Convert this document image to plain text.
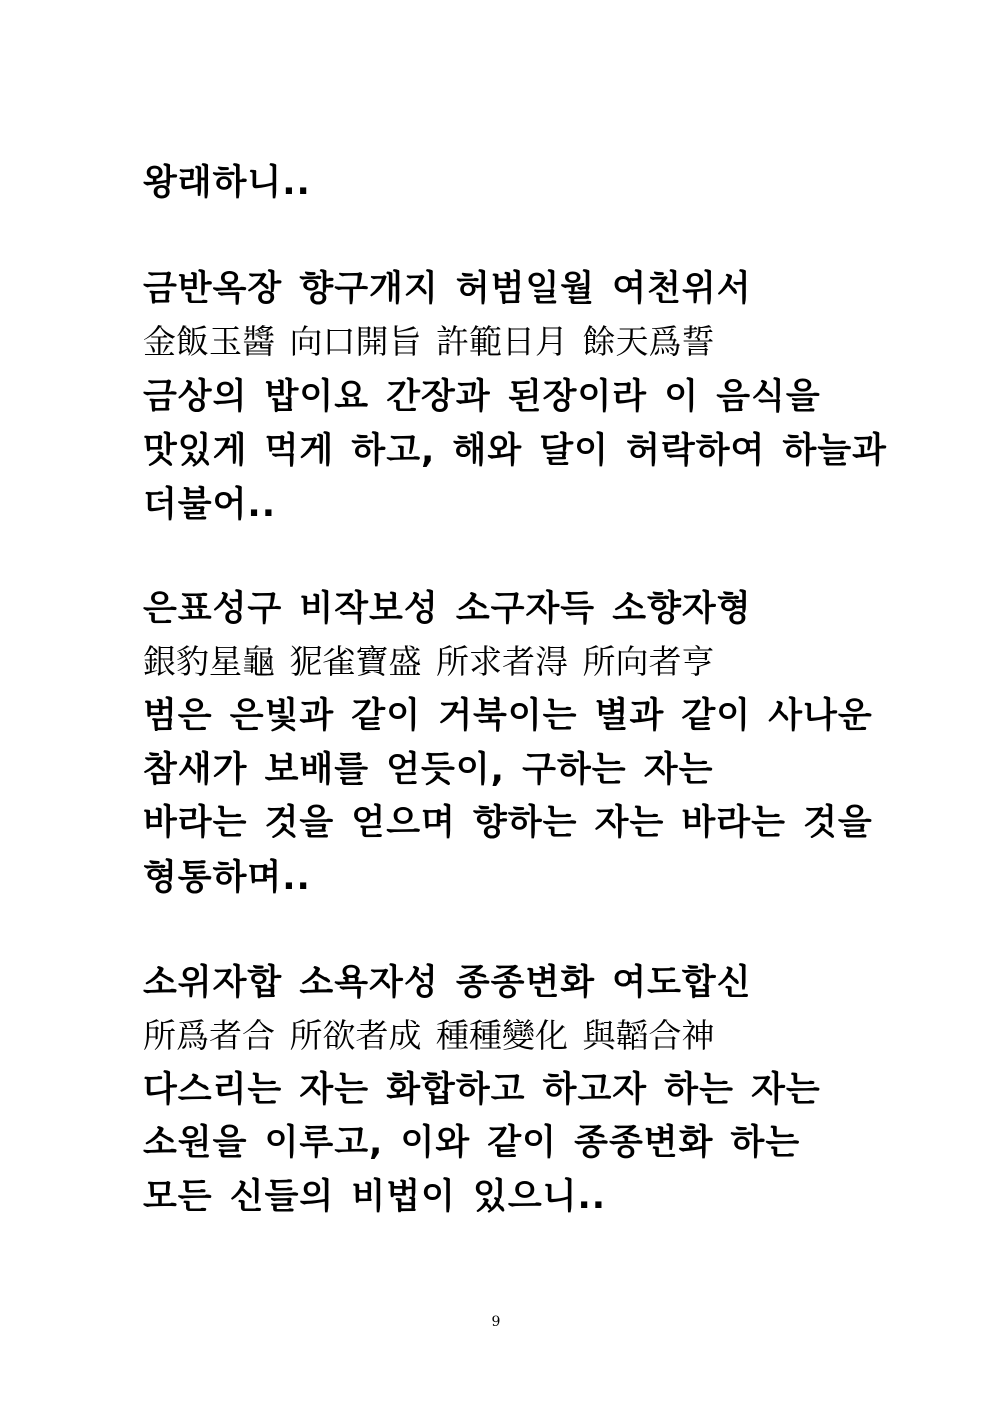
왕래하니..
금반옥장 향구개지 허범일월 여천위서
金飯玉醬 向口開旨 許範日月 餘天爲誓
금상의 밥이요 간장과 된장이라 이 음식을
맛있게 먹게 하고, 해와 달이 허락하여 하늘과
더불어..
은표성구 비작보성 소구자득 소향자형
銀豹星龜 狔雀寶盛 所求者淂 所向者亨
범은 은빛과 같이 거북이는 별과 같이 사나운
참새가 보배를 얻듯이, 구하는 자는
바라는 것을 얻으며 향하는 자는 바라는 것을
형통하며..
소위자합 소욕자성 종종변화 여도합신
所爲者合 所欲者成 種種變化 與韜合神
다스리는 자는 화합하고 하고자 하는 자는
소원을 이루고, 이와 같이 종종변화 하는
모든 신들의 비법이 있으니..
9
